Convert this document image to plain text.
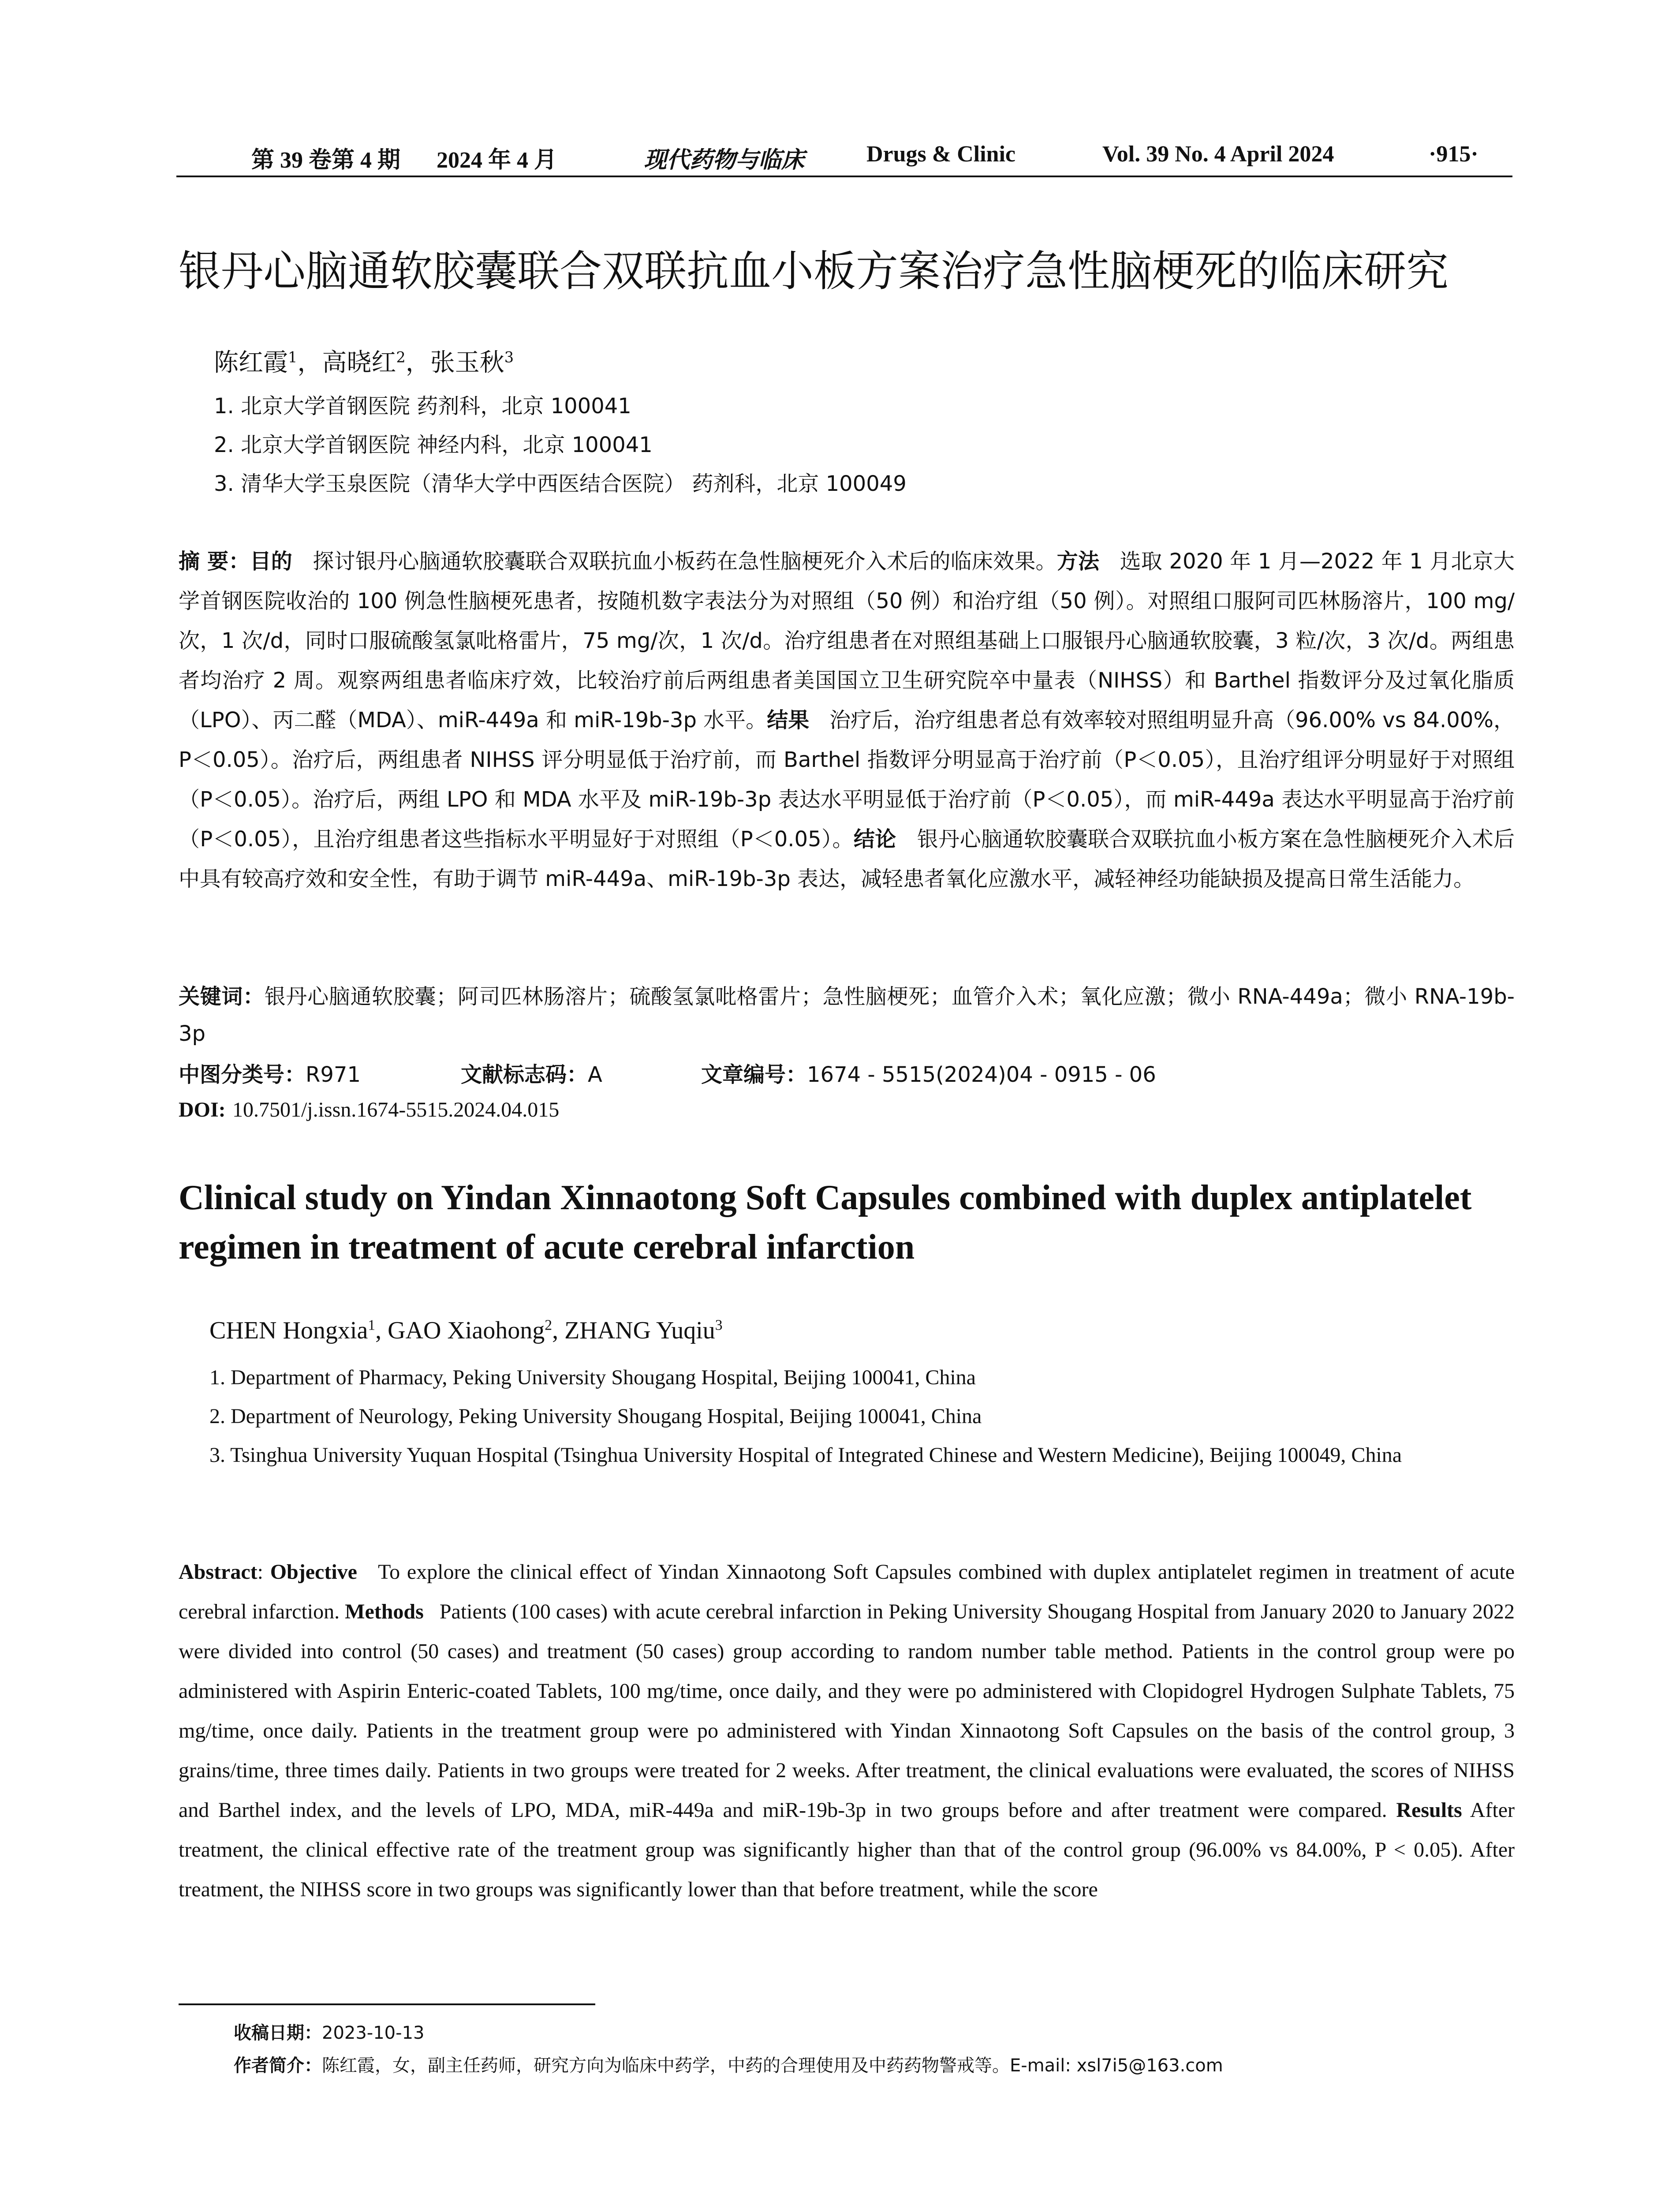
第 39 卷第 4 期 2024 年 4 月	现代药物与临床	Drugs & Clinic	Vol. 39 No. 4 April 2024	·915·
银丹心脑通软胶囊联合双联抗血小板方案治疗急性脑梗死的临床研究
陈红霞$^1$，高晓红$^2$，张玉秋$^3$
1. 北京大学首钢医院 药剂科，北京 100041
2. 北京大学首钢医院 神经内科，北京 100041
3. 清华大学玉泉医院（清华大学中西医结合医院） 药剂科，北京 100049
摘 要：目的 探讨银丹心脑通软胶囊联合双联抗血小板药在急性脑梗死介入术后的临床效果。方法 选取 2020 年 1 月—2022 年 1 月北京大学首钢医院收治的 100 例急性脑梗死患者，按随机数字表法分为对照组（50 例）和治疗组（50 例）。对照组口服阿司匹林肠溶片，100 mg/次，1 次/d，同时口服硫酸氢氯吡格雷片，75 mg/次，1 次/d。治疗组患者在对照组基础上口服银丹心脑通软胶囊，3 粒/次，3 次/d。两组患者均治疗 2 周。观察两组患者临床疗效，比较治疗前后两组患者美国国立卫生研究院卒中量表（NIHSS）和 Barthel 指数评分及过氧化脂质（LPO）、丙二醛（MDA）、miR-449a 和 miR-19b-3p 水平。结果 治疗后，治疗组患者总有效率较对照组明显升高（96.00% vs 84.00%，P＜0.05）。治疗后，两组患者 NIHSS 评分明显低于治疗前，而 Barthel 指数评分明显高于治疗前（P＜0.05），且治疗组评分明显好于对照组（P＜0.05）。治疗后，两组 LPO 和 MDA 水平及 miR-19b-3p 表达水平明显低于治疗前（P＜0.05），而 miR-449a 表达水平明显高于治疗前（P＜0.05），且治疗组患者这些指标水平明显好于对照组（P＜0.05）。结论 银丹心脑通软胶囊联合双联抗血小板方案在急性脑梗死介入术后中具有较高疗效和安全性，有助于调节 miR-449a、miR-19b-3p 表达，减轻患者氧化应激水平，减轻神经功能缺损及提高日常生活能力。
关键词：银丹心脑通软胶囊；阿司匹林肠溶片；硫酸氢氯吡格雷片；急性脑梗死；血管介入术；氧化应激；微小 RNA-449a；微小 RNA-19b-3p
中图分类号：R971	文献标志码：A	文章编号：1674 - 5515(2024)04 - 0915 - 06
DOI: 10.7501/j.issn.1674-5515.2024.04.015
Clinical study on Yindan Xinnaotong Soft Capsules combined with duplex antiplatelet regimen in treatment of acute cerebral infarction
CHEN Hongxia$^1$, GAO Xiaohong$^2$, ZHANG Yuqiu$^3$
1. Department of Pharmacy, Peking University Shougang Hospital, Beijing 100041, China
2. Department of Neurology, Peking University Shougang Hospital, Beijing 100041, China
3. Tsinghua University Yuquan Hospital (Tsinghua University Hospital of Integrated Chinese and Western Medicine), Beijing 100049, China
Abstract: Objective To explore the clinical effect of Yindan Xinnaotong Soft Capsules combined with duplex antiplatelet regimen in treatment of acute cerebral infarction. Methods Patients (100 cases) with acute cerebral infarction in Peking University Shougang Hospital from January 2020 to January 2022 were divided into control (50 cases) and treatment (50 cases) group according to random number table method. Patients in the control group were po administered with Aspirin Enteric-coated Tablets, 100 mg/time, once daily, and they were po administered with Clopidogrel Hydrogen Sulphate Tablets, 75 mg/time, once daily. Patients in the treatment group were po administered with Yindan Xinnaotong Soft Capsules on the basis of the control group, 3 grains/time, three times daily. Patients in two groups were treated for 2 weeks. After treatment, the clinical evaluations were evaluated, the scores of NIHSS and Barthel index, and the levels of LPO, MDA, miR-449a and miR-19b-3p in two groups before and after treatment were compared. Results After treatment, the clinical effective rate of the treatment group was significantly higher than that of the control group (96.00% vs 84.00%, P < 0.05). After treatment, the NIHSS score in two groups was significantly lower than that before treatment, while the score
收稿日期：2023-10-13
作者简介：陈红霞，女，副主任药师，研究方向为临床中药学，中药的合理使用及中药药物警戒等。E-mail: xsl7i5@163.com
